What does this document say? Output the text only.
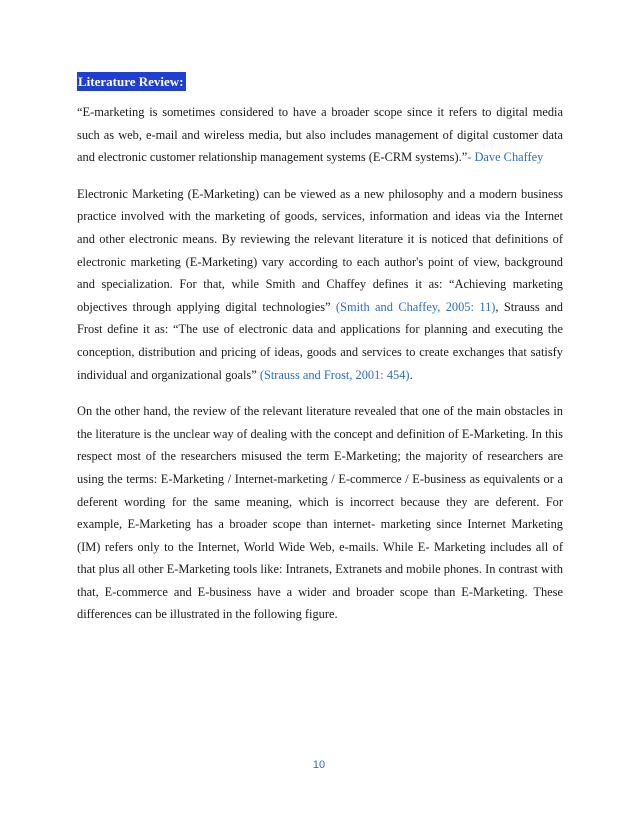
Literature Review:

“E-marketing is sometimes considered to have a broader scope since it refers to digital media such as web, e-mail and wireless media, but also includes management of digital customer data and electronic customer relationship management systems (E-CRM systems).”- Dave Chaffey

Electronic Marketing (E-Marketing) can be viewed as a new philosophy and a modern business practice involved with the marketing of goods, services, information and ideas via the Internet and other electronic means. By reviewing the relevant literature it is noticed that definitions of electronic marketing (E-Marketing) vary according to each author's point of view, background and specialization. For that, while Smith and Chaffey defines it as: “Achieving marketing objectives through applying digital technologies” (Smith and Chaffey, 2005: 11), Strauss and Frost define it as: “The use of electronic data and applications for planning and executing the conception, distribution and pricing of ideas, goods and services to create exchanges that satisfy individual and organizational goals” (Strauss and Frost, 2001: 454).

On the other hand, the review of the relevant literature revealed that one of the main obstacles in the literature is the unclear way of dealing with the concept and definition of E-Marketing. In this respect most of the researchers misused the term E-Marketing; the majority of researchers are using the terms: E-Marketing / Internet-marketing / E-commerce / E-business as equivalents or a deferent wording for the same meaning, which is incorrect because they are deferent. For example, E-Marketing has a broader scope than internet- marketing since Internet Marketing (IM) refers only to the Internet, World Wide Web, e-mails. While E- Marketing includes all of that plus all other E-Marketing tools like: Intranets, Extranets and mobile phones. In contrast with that, E-commerce and E-business have a wider and broader scope than E-Marketing. These differences can be illustrated in the following figure.

10
